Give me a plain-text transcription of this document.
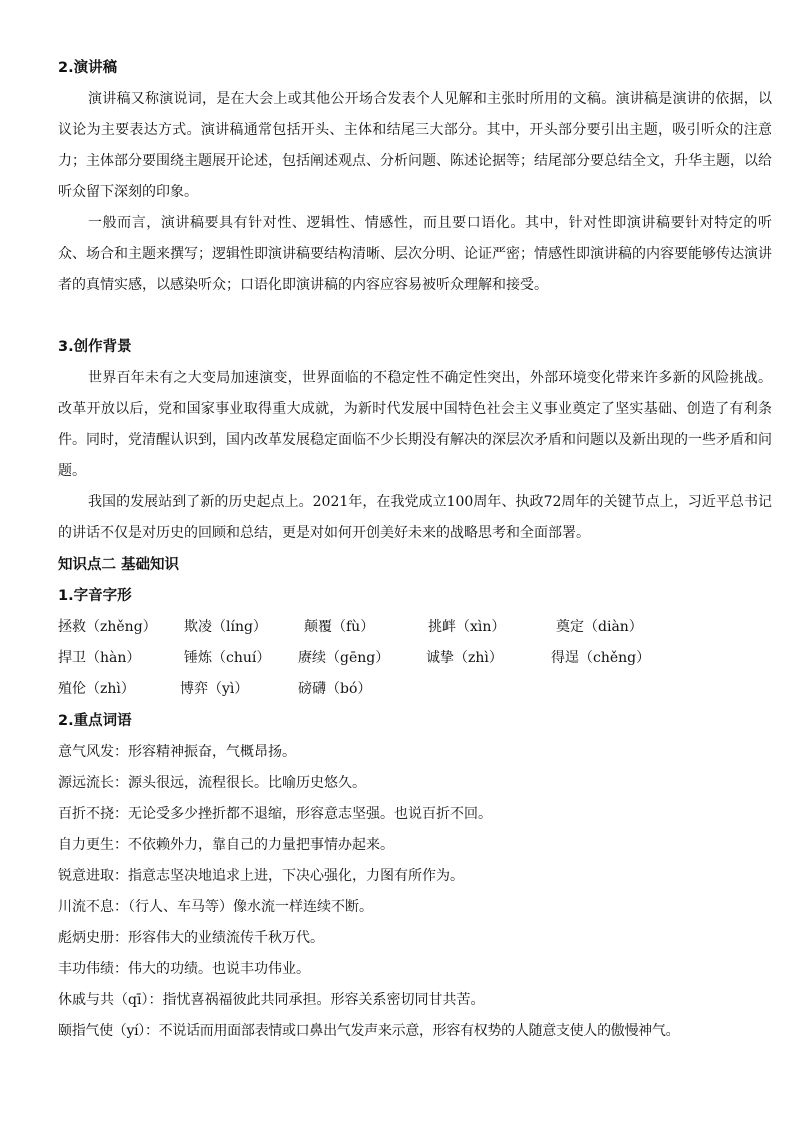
2.演讲稿

演讲稿又称演说词，是在大会上或其他公开场合发表个人见解和主张时所用的文稿。演讲稿是演讲的依据，以议论为主要表达方式。演讲稿通常包括开头、主体和结尾三大部分。其中，开头部分要引出主题，吸引听众的注意力；主体部分要围绕主题展开论述，包括阐述观点、分析问题、陈述论据等；结尾部分要总结全文，升华主题，以给听众留下深刻的印象。

一般而言，演讲稿要具有针对性、逻辑性、情感性，而且要口语化。其中，针对性即演讲稿要针对特定的听众、场合和主题来撰写；逻辑性即演讲稿要结构清晰、层次分明、论证严密；情感性即演讲稿的内容要能够传达演讲者的真情实感，以感染听众；口语化即演讲稿的内容应容易被听众理解和接受。

3.创作背景

世界百年未有之大变局加速演变，世界面临的不稳定性不确定性突出，外部环境变化带来许多新的风险挑战。改革开放以后，党和国家事业取得重大成就，为新时代发展中国特色社会主义事业奠定了坚实基础、创造了有利条件。同时，党清醒认识到，国内改革发展稳定面临不少长期没有解决的深层次矛盾和问题以及新出现的一些矛盾和问题。

我国的发展站到了新的历史起点上。2021年，在我党成立100周年、执政72周年的关键节点上，习近平总书记的讲话不仅是对历史的回顾和总结，更是对如何开创美好未来的战略思考和全面部署。

知识点二 基础知识
1.字音字形
拯救（zhěng） 欺凌（líng）	颠覆（fù）	挑衅（xìn）	奠定（diàn）
捍卫（hàn）	锤炼（chuí） 赓续（gēng）	诚挚（zhì）	得逞（chěng）
殖伦（zhì）	博弈（yì）	磅礴（bó）
2.重点词语
意气风发：形容精神振奋，气概昂扬。
源远流长：源头很远，流程很长。比喻历史悠久。
百折不挠：无论受多少挫折都不退缩，形容意志坚强。也说百折不回。
自力更生：不依赖外力，靠自己的力量把事情办起来。
锐意进取：指意志坚决地追求上进，下决心强化，力图有所作为。
川流不息：（行人、车马等）像水流一样连续不断。
彪炳史册：形容伟大的业绩流传千秋万代。
丰功伟绩：伟大的功绩。也说丰功伟业。
休戚与共（qī）：指忧喜祸福彼此共同承担。形容关系密切同甘共苦。
颐指气使（yí）：不说话而用面部表情或口鼻出气发声来示意，形容有权势的人随意支使人的傲慢神气。
